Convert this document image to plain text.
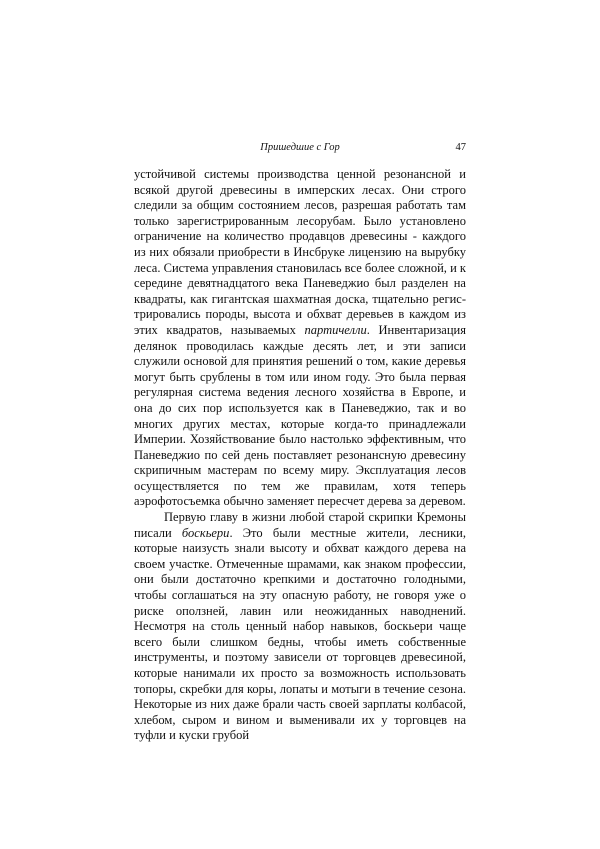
Пришедшие с Гор	47

устойчивой системы производства ценной резонансной и всякой другой древесины в имперских лесах. Они строго следили за общим состоянием лесов, разрешая работать там только зарегистрированным лесорубам. Было установлено ограничение на количество продавцов древесины - каждого из них обязали приобрести в Инсбруке лицензию на вырубку леса. Система управления становилась все более сложной, и к середине девятнадцатого века Паневеджио был разделен на квадраты, как гигантская шахматная доска, тщательно регис-трировались породы, высота и обхват деревьев в каждом из этих квадратов, называемых партичелли. Инвентаризация делянок проводилась каждые десять лет, и эти записи служили основой для принятия решений о том, какие деревья могут быть срублены в том или ином году. Это была первая регулярная система ведения лесного хозяйства в Европе, и она до сих пор используется как в Паневеджио, так и во многих других местах, которые когда-то принадлежали Империи. Хозяйствование было настолько эффективным, что Паневеджио по сей день поставляет резонансную древесину скрипичным мастерам по всему миру. Эксплуатация лесов осуществляется по тем же правилам, хотя теперь аэрофотосъемка обычно заменяет пересчет дерева за деревом.

Первую главу в жизни любой старой скрипки Кремоны писали боскьери. Это были местные жители, лесники, которые наизусть знали высоту и обхват каждого дерева на своем участке. Отмеченные шрамами, как знаком профессии, они были достаточно крепкими и достаточно голодными, чтобы соглашаться на эту опасную работу, не говоря уже о риске оползней, лавин или неожиданных наводнений. Несмотря на столь ценный набор навыков, боскьери чаще всего были слишком бедны, чтобы иметь собственные инструменты, и поэтому зависели от торговцев древесиной, которые нанимали их просто за возможность использовать топоры, скребки для коры, лопаты и мотыги в течение сезона. Некоторые из них даже брали часть своей зарплаты колбасой, хлебом, сыром и вином и выменивали их у торговцев на туфли и куски грубой
